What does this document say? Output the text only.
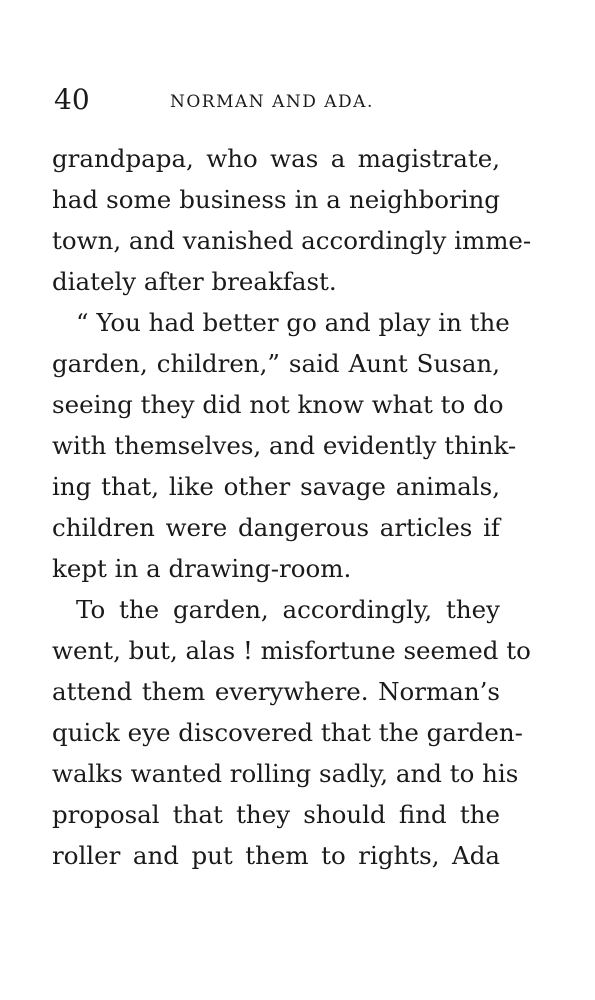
40	NORMAN AND ADA.
grandpapa, who was a magistrate,
had some business in a neighboring
town, and vanished accordingly imme-
diately after breakfast.
“ You had better go and play in the
garden, children,” said Aunt Susan,
seeing they did not know what to do
with themselves, and evidently think-
ing that, like other savage animals,
children were dangerous articles if
kept in a drawing-room.
To the garden, accordingly, they
went, but, alas ! misfortune seemed to
attend them everywhere. Norman’s
quick eye discovered that the garden-
walks wanted rolling sadly, and to his
proposal that they should find the
roller and put them to rights, Ada
